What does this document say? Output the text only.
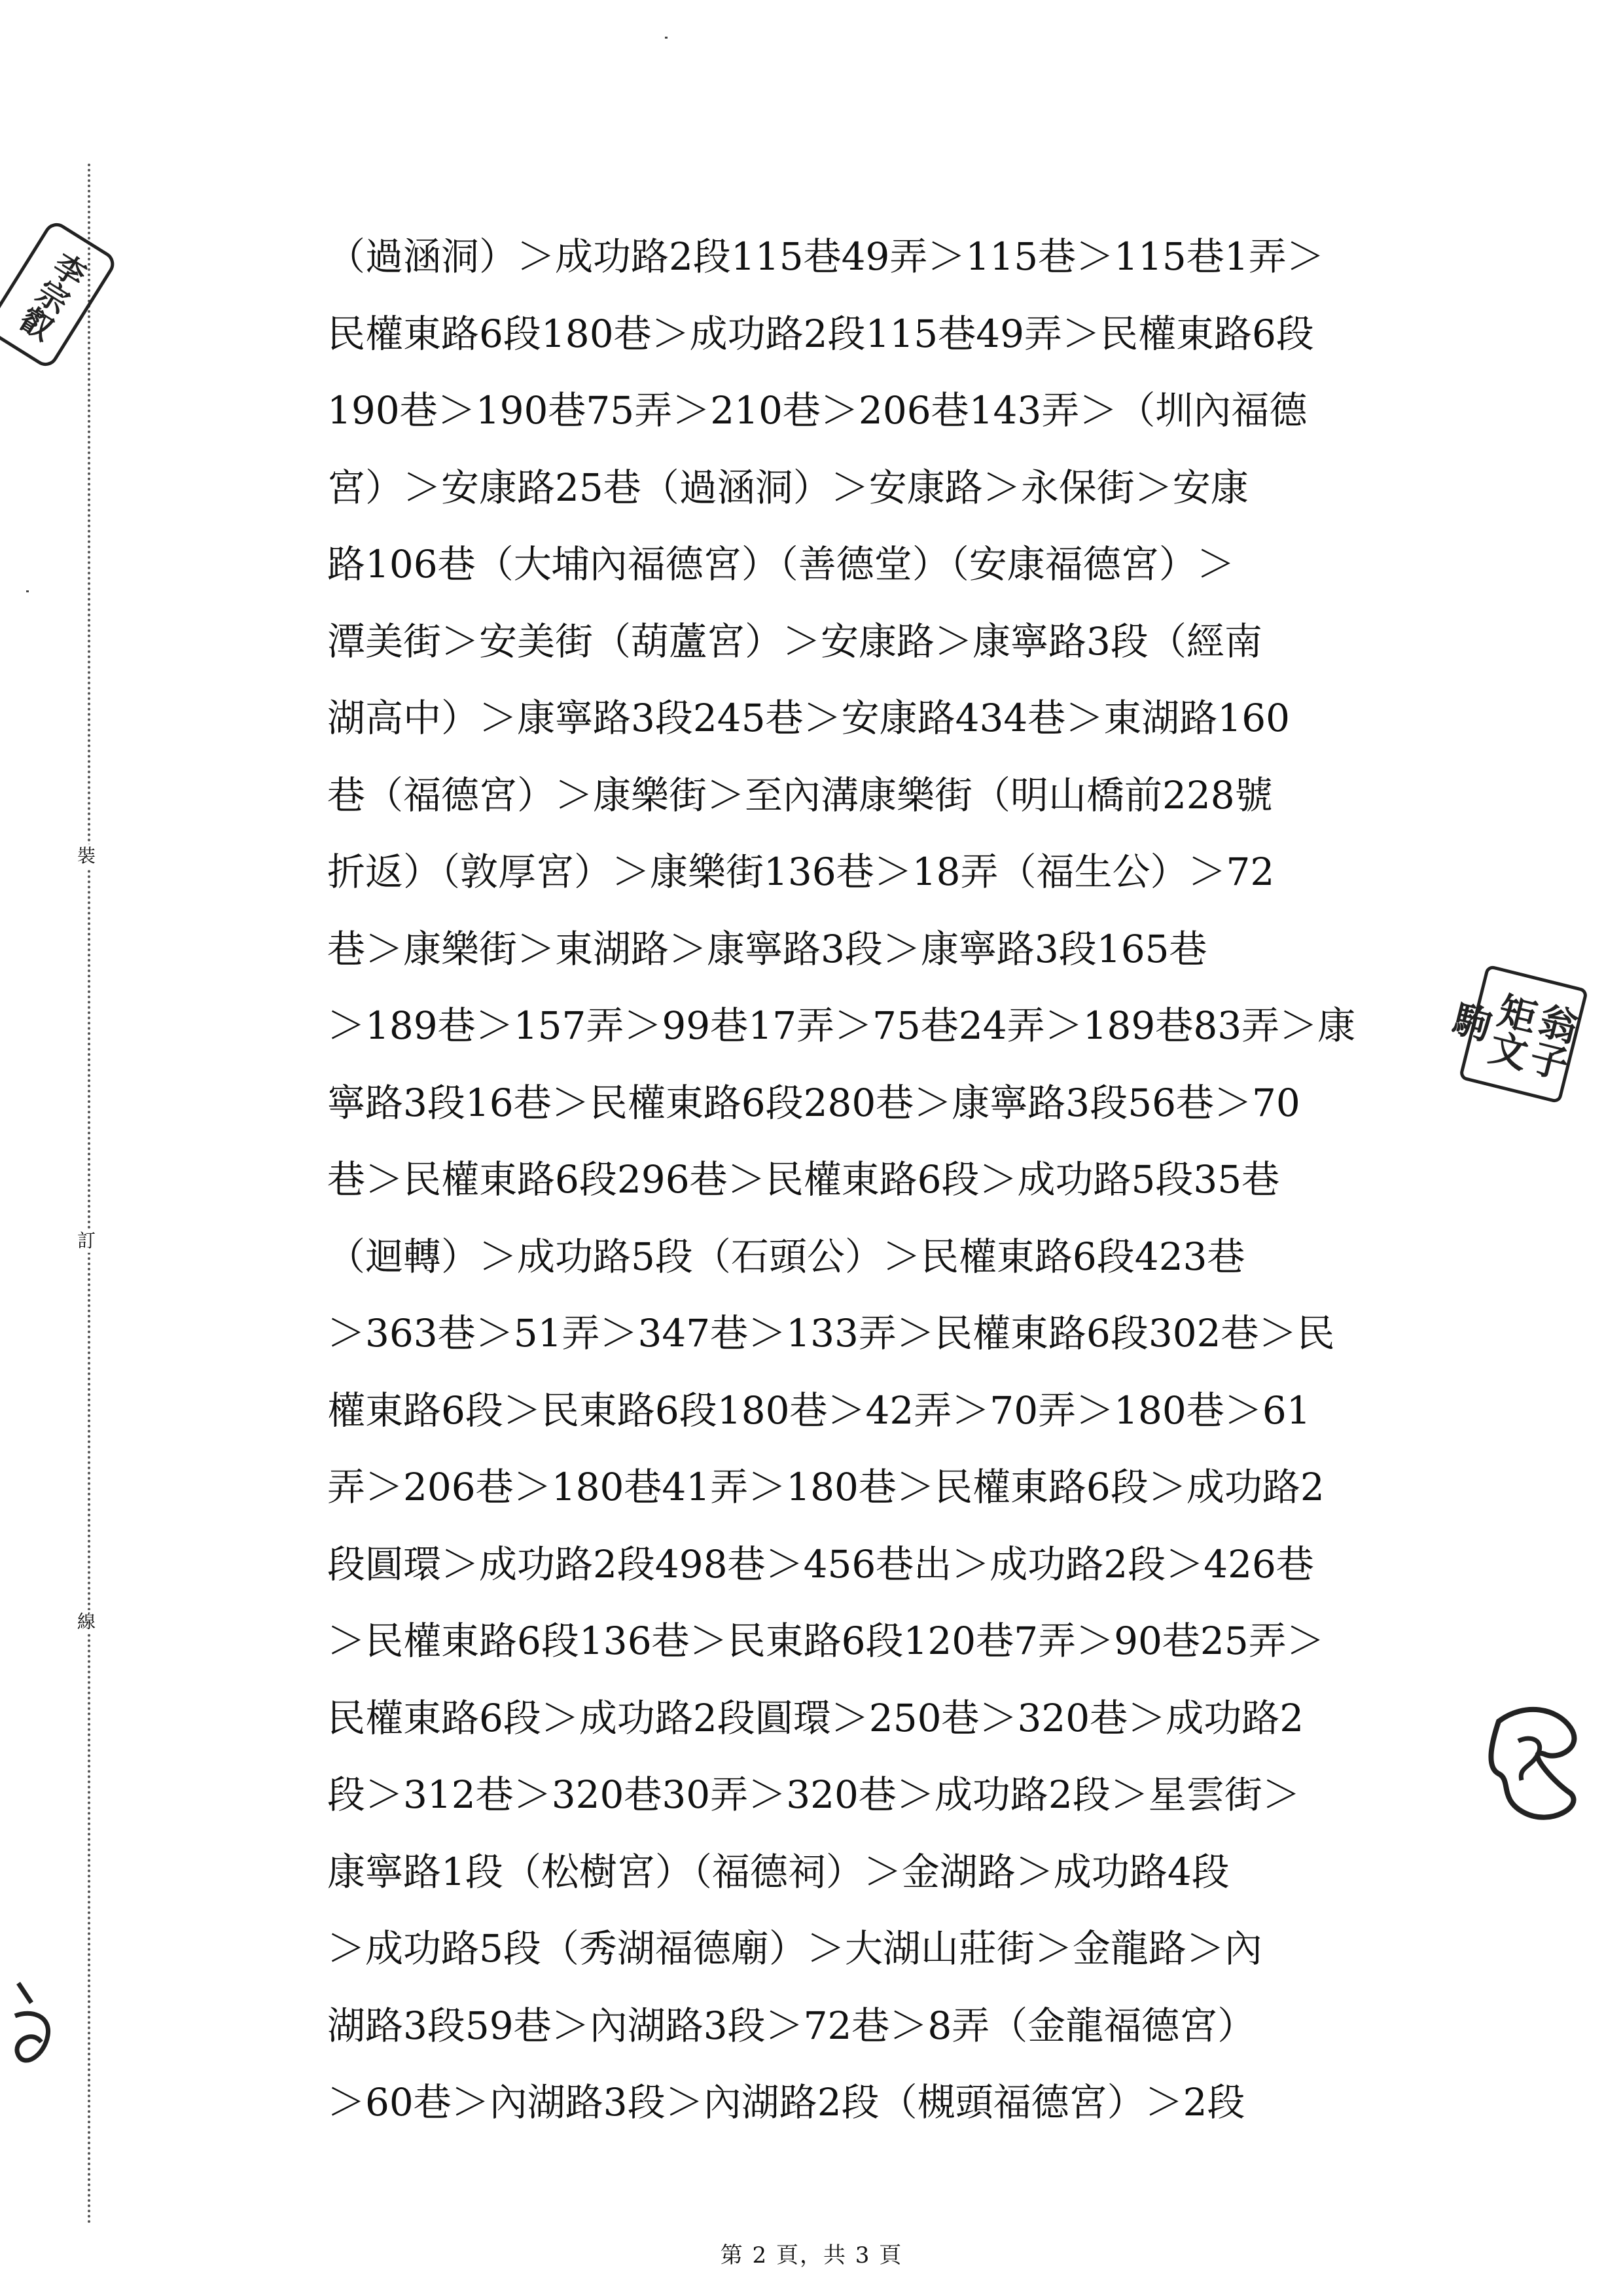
裝
訂
線
李宗叡
翁子矩文駒
（過涵洞）＞成功路2段115巷49弄＞115巷＞115巷1弄＞
民權東路6段180巷＞成功路2段115巷49弄＞民權東路6段
190巷＞190巷75弄＞210巷＞206巷143弄＞（圳內福德
宮）＞安康路25巷（過涵洞）＞安康路＞永保街＞安康
路106巷（大埔內福德宮）（善德堂）（安康福德宮）＞
潭美街＞安美街（葫蘆宮）＞安康路＞康寧路3段（經南
湖高中）＞康寧路3段245巷＞安康路434巷＞東湖路160
巷（福德宮）＞康樂街＞至內溝康樂街（明山橋前228號
折返）（敦厚宮）＞康樂街136巷＞18弄（福生公）＞72
巷＞康樂街＞東湖路＞康寧路3段＞康寧路3段165巷
＞189巷＞157弄＞99巷17弄＞75巷24弄＞189巷83弄＞康
寧路3段16巷＞民權東路6段280巷＞康寧路3段56巷＞70
巷＞民權東路6段296巷＞民權東路6段＞成功路5段35巷
（迴轉）＞成功路5段（石頭公）＞民權東路6段423巷
＞363巷＞51弄＞347巷＞133弄＞民權東路6段302巷＞民
權東路6段＞民東路6段180巷＞42弄＞70弄＞180巷＞61
弄＞206巷＞180巷41弄＞180巷＞民權東路6段＞成功路2
段圓環＞成功路2段498巷＞456巷出＞成功路2段＞426巷
＞民權東路6段136巷＞民東路6段120巷7弄＞90巷25弄＞
民權東路6段＞成功路2段圓環＞250巷＞320巷＞成功路2
段＞312巷＞320巷30弄＞320巷＞成功路2段＞星雲街＞
康寧路1段（松樹宮）（福德祠）＞金湖路＞成功路4段
＞成功路5段（秀湖福德廟）＞大湖山莊街＞金龍路＞內
湖路3段59巷＞內湖路3段＞72巷＞8弄（金龍福德宮）
＞60巷＞內湖路3段＞內湖路2段（槻頭福德宮）＞2段
第 2 頁，共 3 頁
